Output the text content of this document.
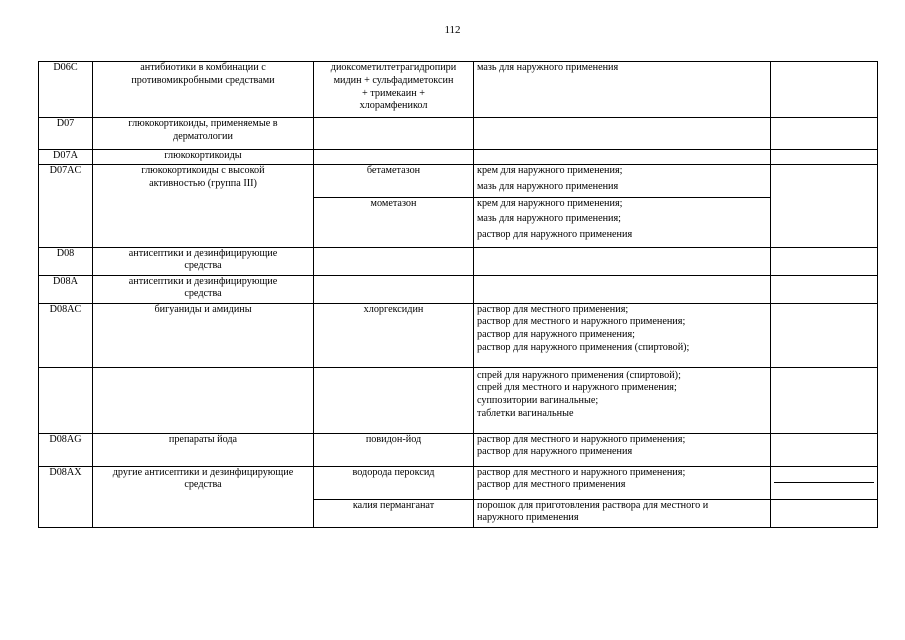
112
D06C	антибиотики в комбинации с
противомикробными средствами	диоксометилтетрагидропири
мидин + сульфадиметоксин
+ тримекаин +
хлорамфеникол	мазь для наружного применения	

D07	глюкокортикоиды, применяемые в
дерматологии			

D07A	глюкокортикоиды			

D07AC	глюкокортикоиды с высокой
активностью (группа III)	бетаметазон	крем для наружного применения;
мазь для наружного применения	

		мометазон	крем для наружного применения;
мазь для наружного применения;
раствор для наружного применения	

D08	антисептики и дезинфицирующие
средства			

D08A	антисептики и дезинфицирующие
средства			

D08AC	бигуаниды и амидины	хлоргексидин	раствор для местного применения;
раствор для местного и наружного применения;
раствор для наружного применения;
раствор для наружного применения (спиртовой);	

			спрей для наружного применения (спиртовой);
спрей для местного и наружного применения;
суппозитории вагинальные;
таблетки вагинальные	

D08AG	препараты йода	повидон-йод	раствор для местного и наружного применения;
раствор для наружного применения	

D08AX	другие антисептики и дезинфицирующие
средства	водорода пероксид	раствор для местного и наружного применения;
раствор для местного применения	

		калия перманганат	порошок для приготовления раствора для местного и
наружного применения	
